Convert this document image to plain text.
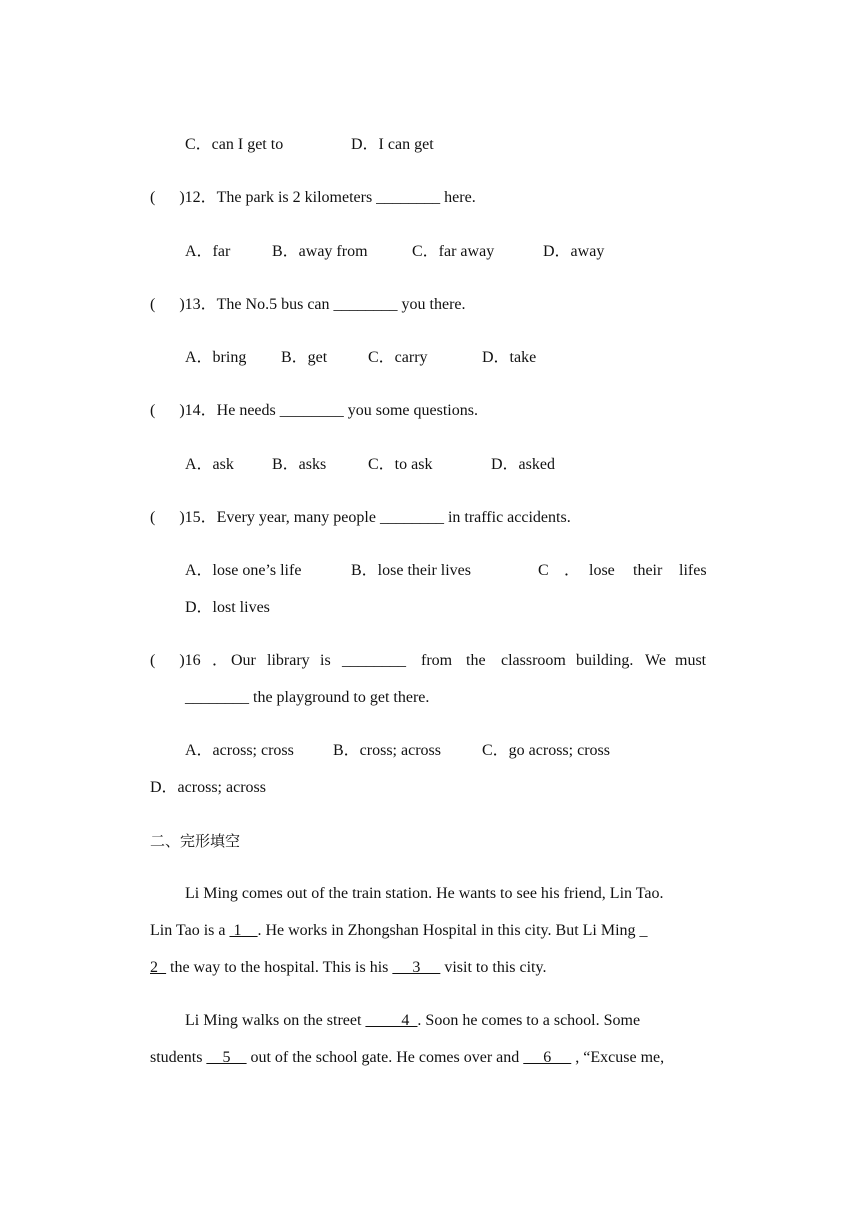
C．can I get to	D．I can get
(      )12．The park is 2 kilometers ________ here.
A．far	B．away from	C．far away	D．away
(      )13．The No.5 bus can ________ you there.
A．bring B．get	C．carry	D．take
(      )14．He needs ________ you some questions.
A．ask B．asks	C．to ask	D．asked
(      )15．Every year, many people ________ in traffic accidents.
A．lose one’s life	B．lose their lives	C ． lose their lifes
D．lost lives
(      )16 ． Our library is ________ from the classroom building. We must
________ the playground to get there.
A．across; cross B．cross; across	C．go across; cross
D．across; across
二、完形填空
Li Ming comes out of the train station. He wants to see his friend, Lin Tao.
Lin Tao is a  1__. He works in Zhongshan Hospital in this city. But Li Ming _
2_ the way to the hospital. This is his  __3__  visit to this city.
Li Ming walks on the street  ____4_. Soon he comes to a school. Some
students __5__ out of the school gate. He comes over and  __6__  , “Excuse me,
